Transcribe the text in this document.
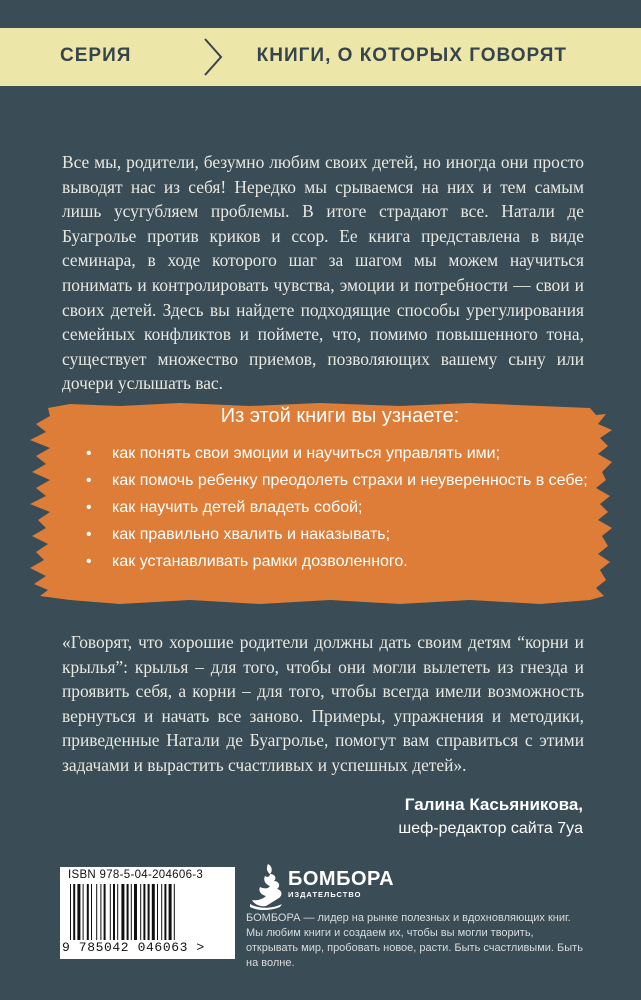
СЕРИЯ	КНИГИ, О КОТОРЫХ ГОВОРЯТ

Все мы, родители, безумно любим своих детей, но иногда они просто выводят нас из себя! Нередко мы срываемся на них и тем самым лишь усугубляем проблемы. В итоге страдают все. Натали де Буагролье против криков и ссор. Ее книга представлена в виде семинара, в ходе которого шаг за шагом мы можем научиться понимать и контролировать чувства, эмоции и потребности — свои и своих детей. Здесь вы найдете подходящие способы урегулирования семейных конфликтов и поймете, что, помимо повышенного тона, существует множество приемов, позволяющих вашему сыну или дочери услышать вас.

Из этой книги вы узнаете:
• как понять свои эмоции и научиться управлять ими;
• как помочь ребенку преодолеть страхи и неуверенность в себе;
• как научить детей владеть собой;
• как правильно хвалить и наказывать;
• как устанавливать рамки дозволенного.

«Говорят, что хорошие родители должны дать своим детям “корни и крылья”: крылья – для того, чтобы они могли вылететь из гнезда и проявить себя, а корни – для того, чтобы всегда имели возможность вернуться и начать все заново. Примеры, упражнения и методики, приведенные Натали де Буагролье, помогут вам справиться с этими задачами и вырастить счастливых и успешных детей».

Галина Касьяникова,
шеф-редактор сайта 7ya
ISBN 978-5-04-204606-3
9 785042 046063 >
БОМБОРА
ИЗДАТЕЛЬСТВО

БОМБОРА — лидер на рынке полезных и вдохновляющих книг. Мы любим книги и создаем их, чтобы вы могли творить, открывать мир, пробовать новое, расти. Быть счастливыми. Быть на волне.
